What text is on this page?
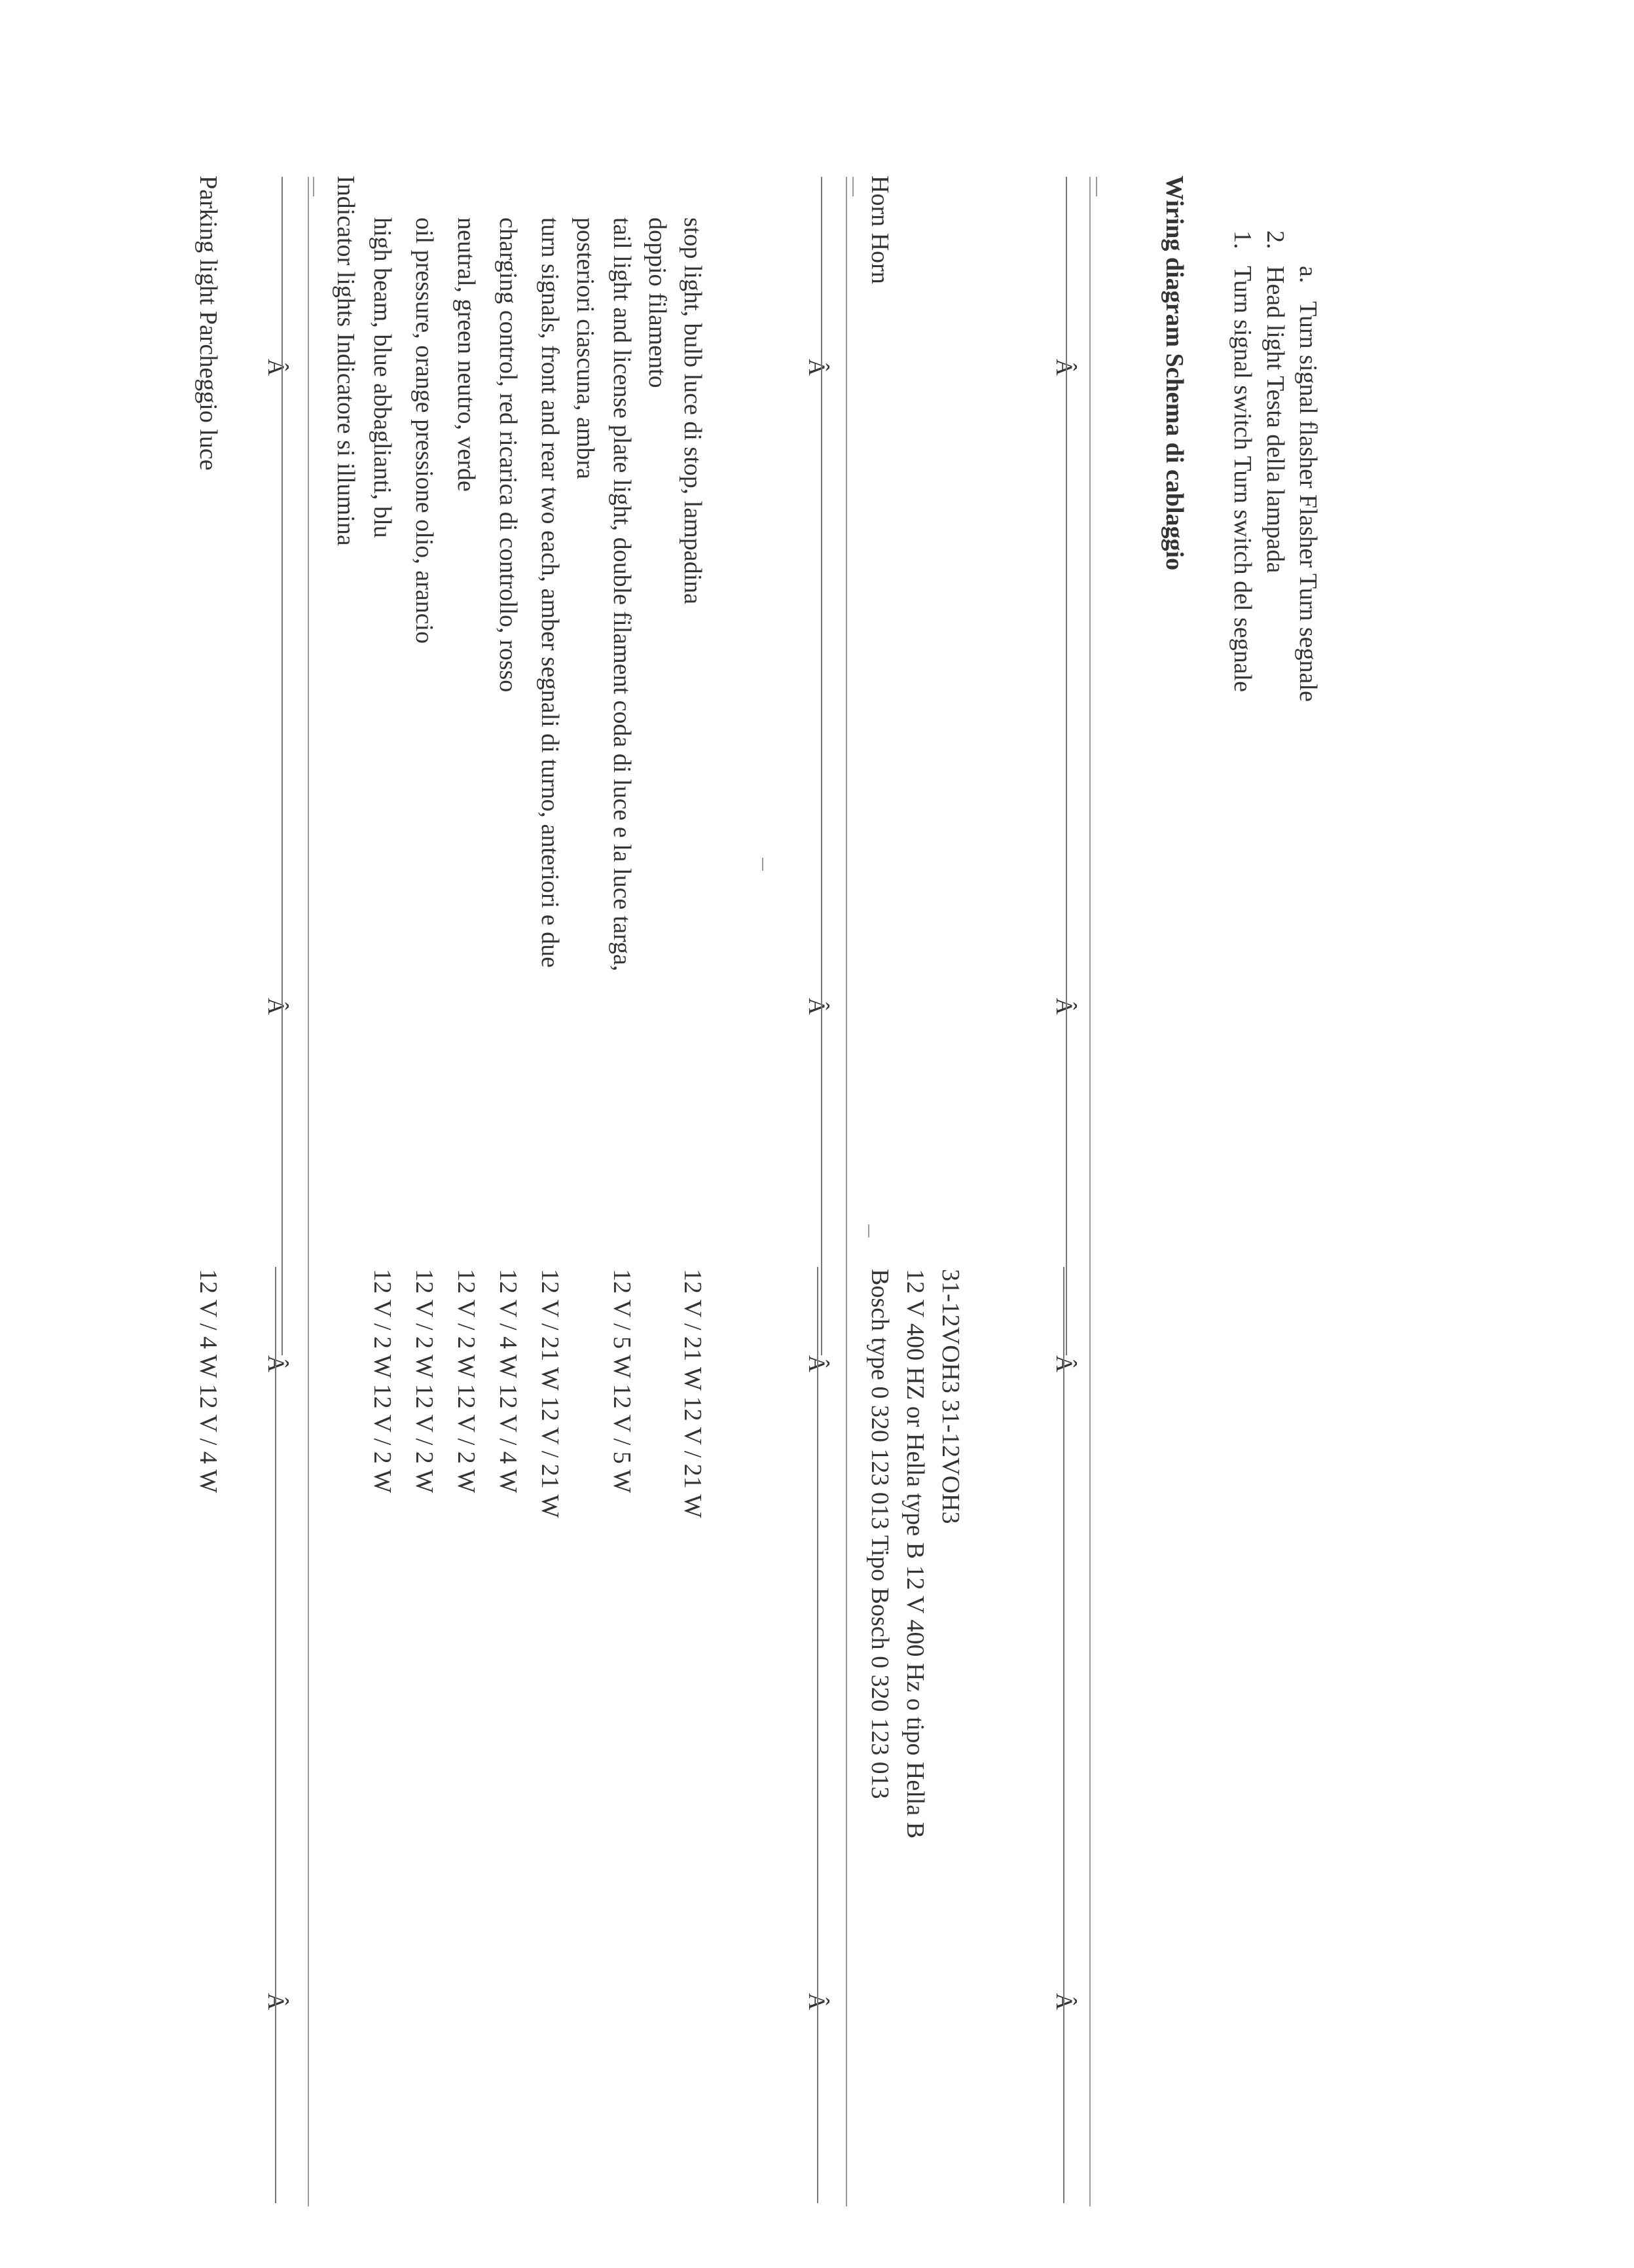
Parking light Parcheggio luce
12 V / 4 W 12 V / 4 W
Â
Â
Â
Â
Indicator lights Indicatore si illumina high beam, blue abbaglianti, blu
12 V / 2 W 12 V / 2 W
oil pressure, orange pressione olio, arancio
12 V / 2 W 12 V / 2 W
neutral, green neutro, verde
12 V / 2 W 12 V / 2 W
charging control, red ricarica di controllo, rosso
12 V / 4 W 12 V / 4 W
turn signals, front and rear two each, amber segnali di turno, anteriori e due posteriori ciascuna, ambra
12 V / 21 W 12 V / 21 W
tail light and license plate light, double filament coda di luce e la luce targa, doppio filamento
12 V / 5 W 12 V / 5 W
stop light, bulb luce di stop, lampadina
12 V / 21 W 12 V / 21 W
Â
Â
Â
Â
Horn Horn
Bosch type 0 320 123 013 Tipo Bosch 0 320 123 013 12 V 400 HZ or Hella type B 12 V 400 Hz o tipo Hella B 31-12VOH3 31-12VOH3
Â
Â
Â
Â
Wiring diagram Schema di cablaggio 1.Turn signal switch Turn switch del segnale
2.Head light Testa della lampada a.Turn signal flasher Flasher Turn segnale
